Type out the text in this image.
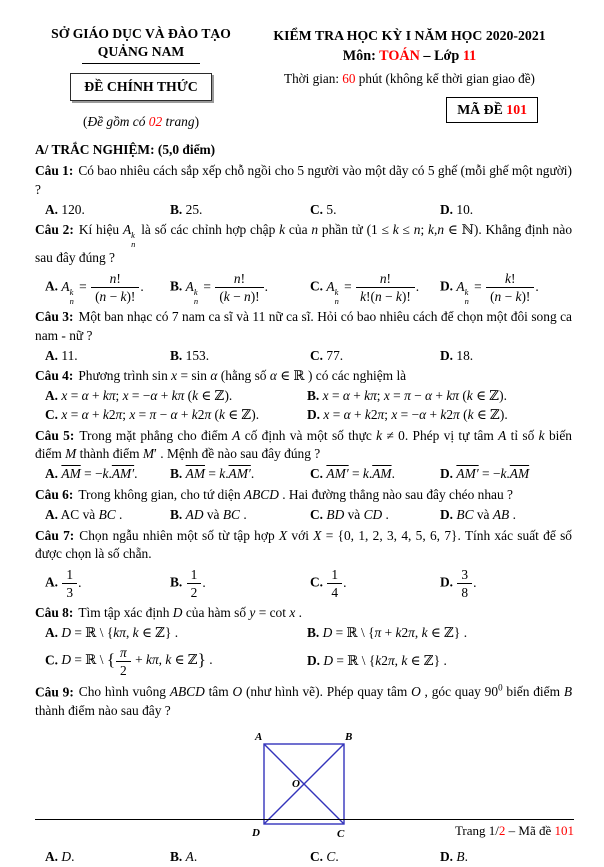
SỞ GIÁO DỤC VÀ ĐÀO TẠO
QUẢNG NAM
ĐỀ CHÍNH THỨC
(Đề gồm có 02 trang)
KIỂM TRA HỌC KỲ I NĂM HỌC 2020-2021
Môn: TOÁN – Lớp 11
Thời gian: 60 phút (không kể thời gian giao đề)
MÃ ĐỀ 101
A/ TRẮC NGHIỆM: (5,0 điểm)

Câu 1: Có bao nhiêu cách sắp xếp chỗ ngồi cho 5 người vào một dãy có 5 ghế (mỗi ghế một người) ?

A. 120.	B. 25.	C. 5.	D. 10.

Câu 2: Kí hiệu A k
n
là số các chỉnh hợp chập k của n phần tử (1 ≤ k ≤ n; k,n ∈ ℕ). Khẳng định nào sau đây đúng ?

A. A k
n
= $\frac{n!}{(n - k)!}$ .	B. A k
n
= $\frac{n!}{(k - n)!}$ .	C. A k
n
= $\frac{n!}{k!(n - k)!}$ .	D. A k
n
= $\frac{k!}{(n - k)!}$ .

Câu 3: Một ban nhạc có 7 nam ca sĩ và 11 nữ ca sĩ. Hỏi có bao nhiêu cách để chọn một đôi song ca nam - nữ ?

A. 11.	B. 153.	C. 77.	D. 18.

Câu 4: Phương trình sin x = sin α (hằng số α ∈ ℝ ) có các nghiệm là

A. x = α + kπ; x = −α + kπ (k ∈ ℤ).	B. x = α + kπ; x = π − α + kπ (k ∈ ℤ).
C. x = α + k2π; x = π − α + k2π (k ∈ ℤ).	D. x = α + k2π; x = −α + k2π (k ∈ ℤ).

Câu 5: Trong mặt phẳng cho điểm A cố định và một số thực k ≠ 0. Phép vị tự tâm A tỉ số k biến điểm M thành điểm M′ . Mệnh đề nào sau đây đúng ?

A. $\overline{AM} = -k.AM'$.	B. $\overline{AM} = k.AM'$.	C. $AM' = k.\overline{AM}$.	D. $AM' = -k.\overline{AM}$

Câu 6: Trong không gian, cho tứ diện ABCD . Hai đường thẳng nào sau đây chéo nhau ?

A. AC và BC .	B. AD và BC .	C. BD và CD .	D. BC và AB .

Câu 7: Chọn ngẫu nhiên một số từ tập hợp X với X = {0, 1, 2, 3, 4, 5, 6, 7}. Tính xác suất để số được chọn là số chẵn.

A. $\frac{1}{3}$ .	B. $\frac{1}{2}$ .	C. $\frac{1}{4}$ .	D. $\frac{3}{8}$ .

Câu 8: Tìm tập xác định D của hàm số y = cot x .

A. D = ℝ \ {kπ, k ∈ ℤ} .	B. D = ℝ \ {π + k2π, k ∈ ℤ} .
C. D = ℝ \ { $\frac{\pi}{2} + k\pi$, k ∈ ℤ} .	D. D = ℝ \ {k2π, k ∈ ℤ} .

Câu 9: Cho hình vuông ABCD tâm O (như hình vẽ). Phép quay tâm O , góc quay $90^0$ biến điểm B thành điểm nào sau đây ?

A	B
D	C
O
A. D.	B. A.	C. C.	D. B.
Trang 1/2 – Mã đề 101
